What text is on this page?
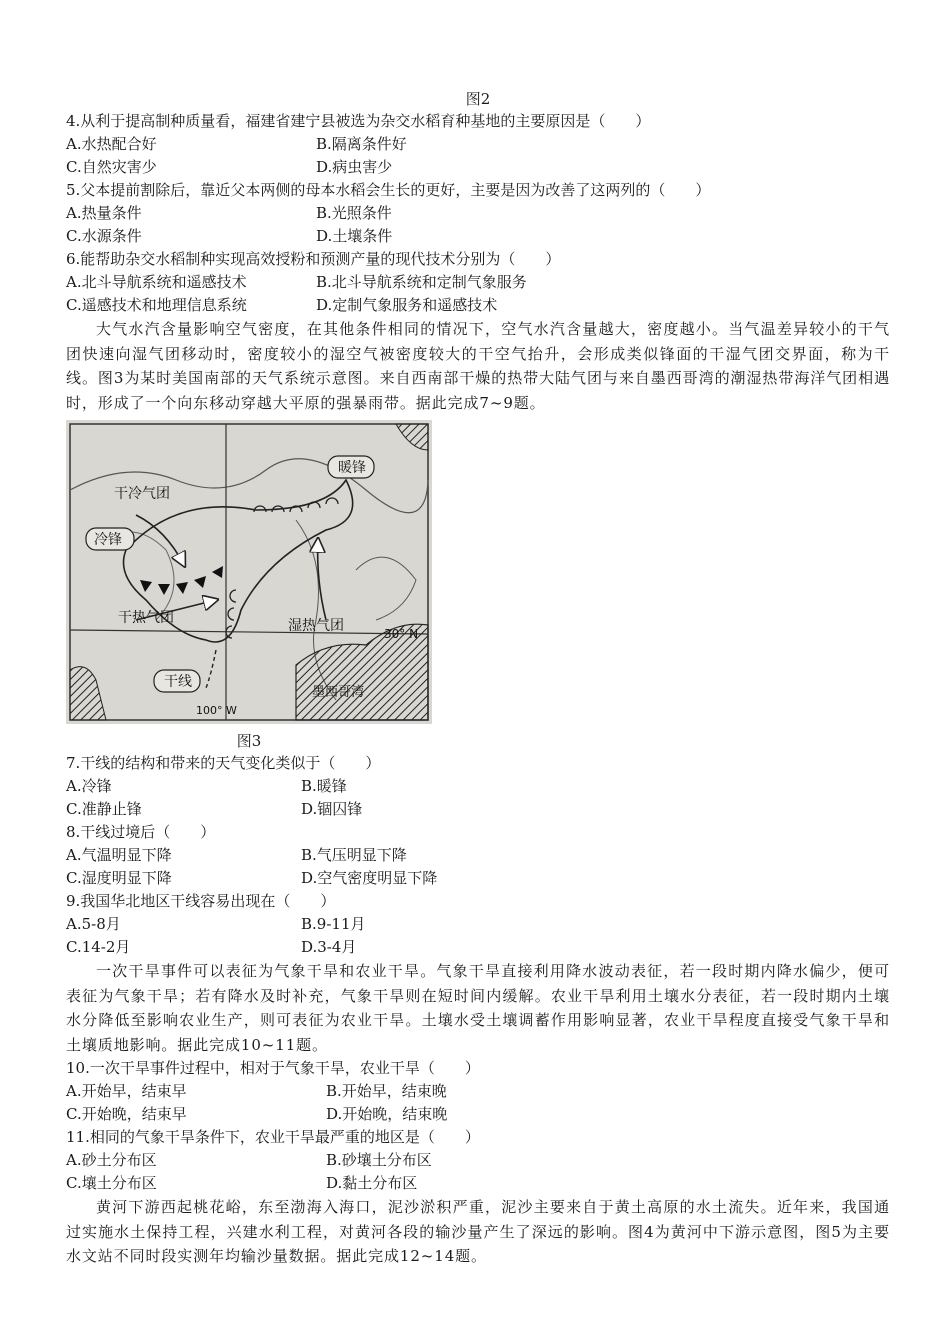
图2
4.从利于提高制种质量看，福建省建宁县被选为杂交水稻育种基地的主要原因是（　　）
A.水热配合好	B.隔离条件好
C.自然灾害少	D.病虫害少
5.父本提前割除后，靠近父本两侧的母本水稻会生长的更好，主要是因为改善了这两列的（　　）
A.热量条件	B.光照条件
C.水源条件	D.土壤条件
6.能帮助杂交水稻制种实现高效授粉和预测产量的现代技术分别为（　　）
A.北斗导航系统和遥感技术	B.北斗导航系统和定制气象服务
C.遥感技术和地理信息系统	D.定制气象服务和遥感技术
大气水汽含量影响空气密度，在其他条件相同的情况下，空气水汽含量越大，密度越小。当气温差异较小的干气团快速向湿气团移动时，密度较小的湿空气被密度较大的干空气抬升，会形成类似锋面的干湿气团交界面，称为干线。图3为某时美国南部的天气系统示意图。来自西南部干燥的热带大陆气团与来自墨西哥湾的潮湿热带海洋气团相遇时，形成了一个向东移动穿越大平原的强暴雨带。据此完成7~9题。
暖锋
干冷气团
冷锋
干热气团	湿热气团	30° N
墨西哥湾
干线
100° W
图3
7.干线的结构和带来的天气变化类似于（　　）
A.冷锋	B.暖锋
C.准静止锋	D.锢囚锋
8.干线过境后（　　）
A.气温明显下降	B.气压明显下降
C.湿度明显下降	D.空气密度明显下降
9.我国华北地区干线容易出现在（　　）
A.5-8月	B.9-11月
C.14-2月	D.3-4月
一次干旱事件可以表征为气象干旱和农业干旱。气象干旱直接利用降水波动表征，若一段时期内降水偏少，便可表征为气象干旱；若有降水及时补充，气象干旱则在短时间内缓解。农业干旱利用土壤水分表征，若一段时期内土壤水分降低至影响农业生产，则可表征为农业干旱。土壤水受土壤调蓄作用影响显著，农业干旱程度直接受气象干旱和土壤质地影响。据此完成10~11题。
10.一次干旱事件过程中，相对于气象干旱，农业干旱（　　）
A.开始早，结束早	B.开始早，结束晚
C.开始晚，结束早	D.开始晚，结束晚
11.相同的气象干旱条件下，农业干旱最严重的地区是（　　）
A.砂土分布区	B.砂壤土分布区
C.壤土分布区	D.黏土分布区
黄河下游西起桃花峪，东至渤海入海口，泥沙淤积严重，泥沙主要来自于黄土高原的水土流失。近年来，我国通过实施水土保持工程，兴建水利工程，对黄河各段的输沙量产生了深远的影响。图4为黄河中下游示意图，图5为主要水文站不同时段实测年均输沙量数据。据此完成12~14题。
